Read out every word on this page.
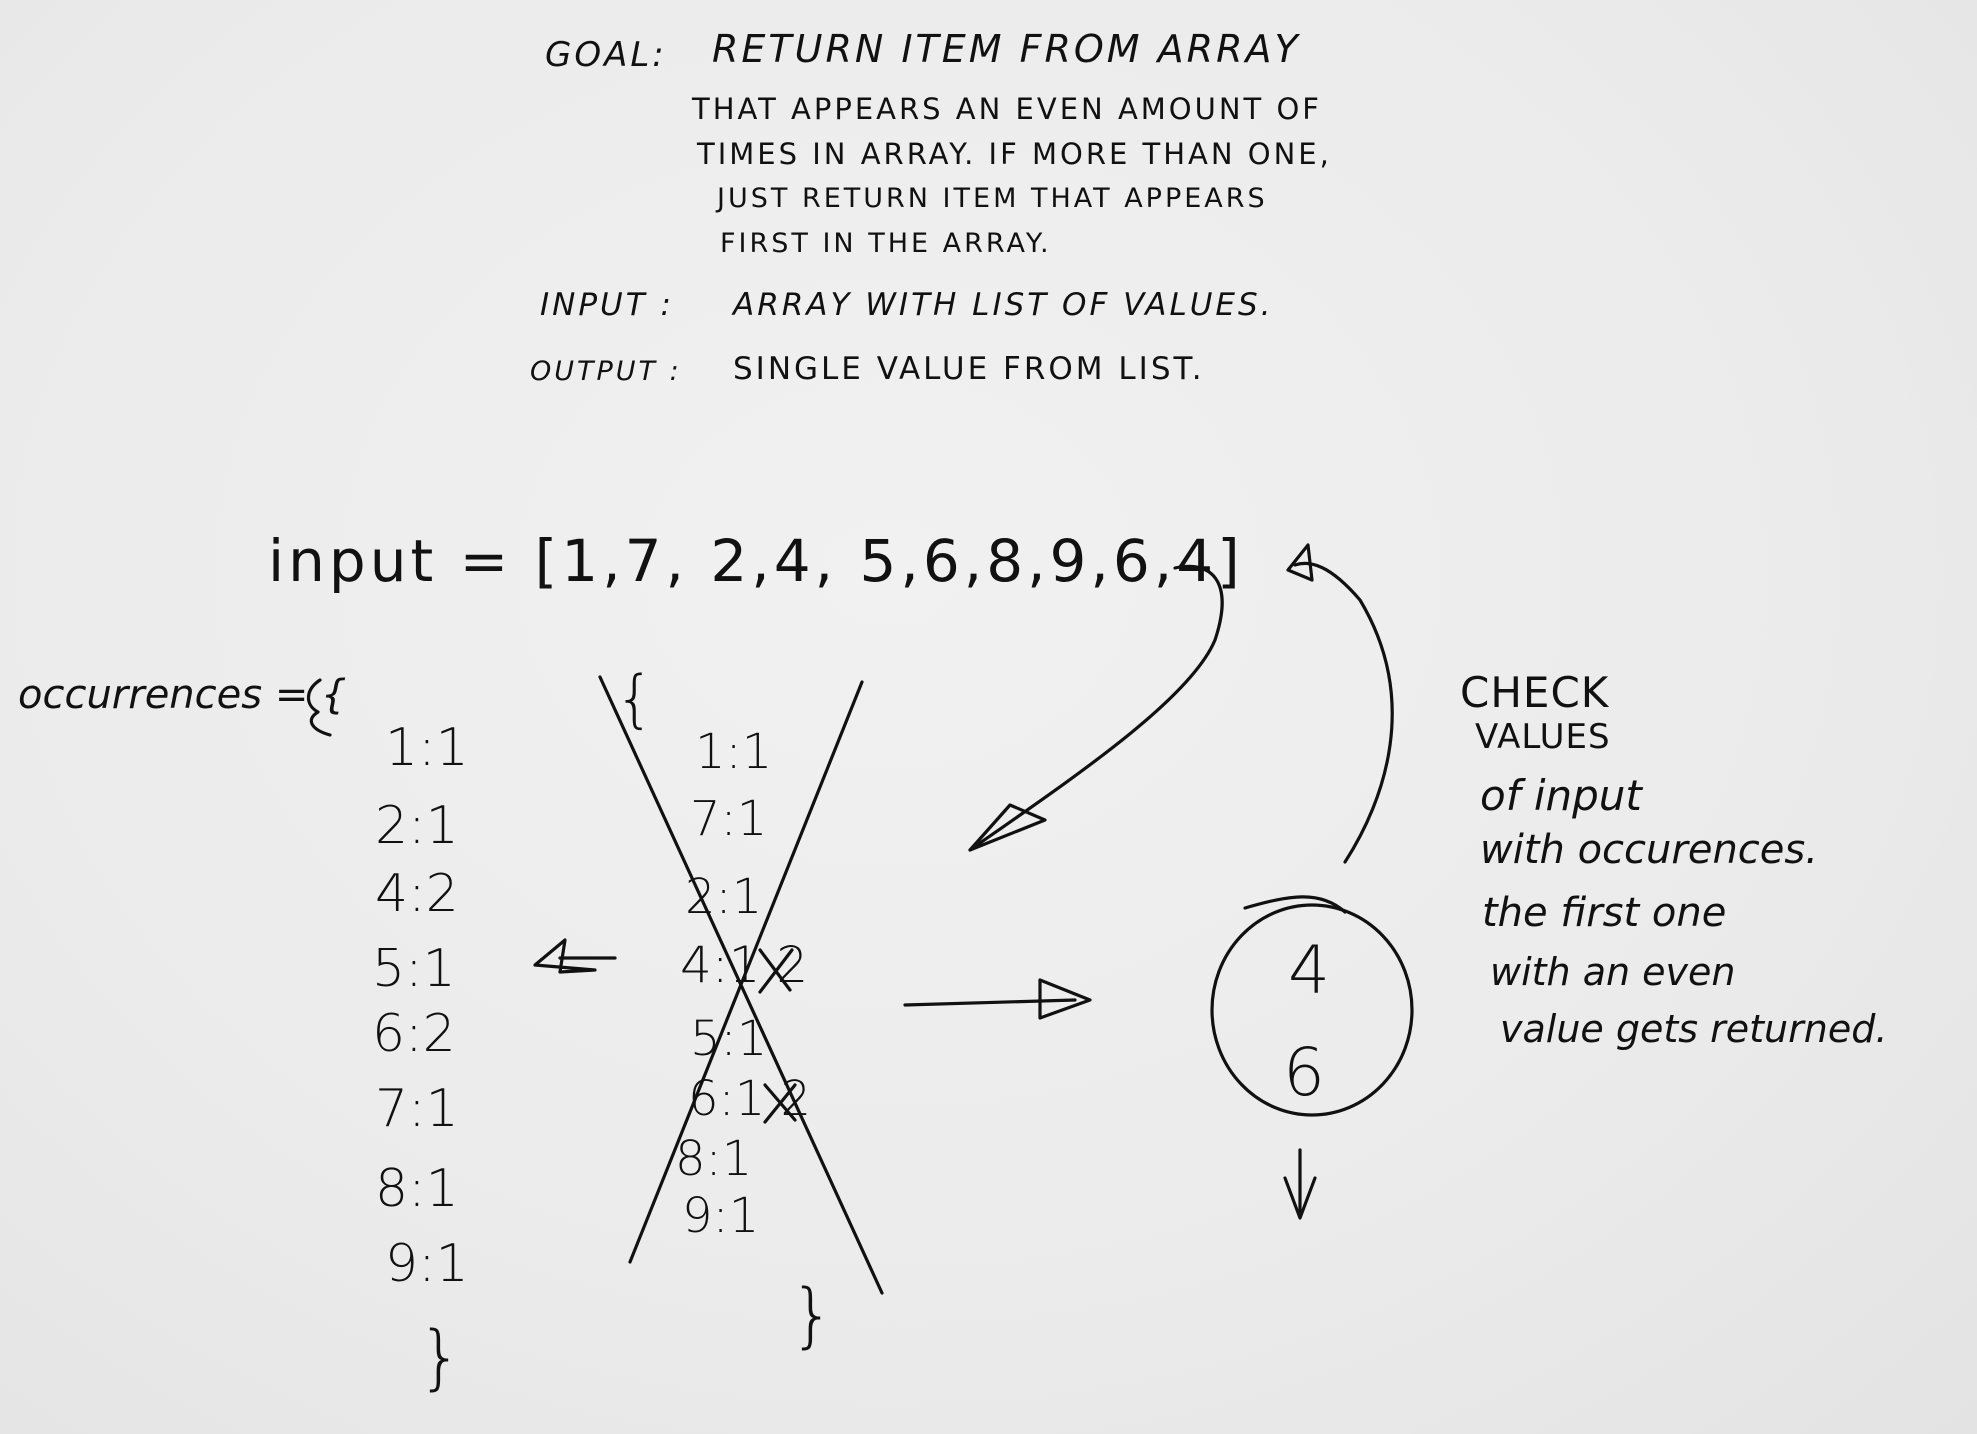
GOAL: RETURN ITEM FROM ARRAY
THAT APPEARS AN EVEN AMOUNT OF
TIMES IN ARRAY. IF MORE THAN ONE,
JUST RETURN ITEM THAT APPEARS
FIRST IN THE ARRAY.
INPUT : ARRAY WITH LIST OF VALUES.
OUTPUT : SINGLE VALUE FROM LIST.
input = [1,7, 2,4, 5,6,8,9,6,4]
occurrences = {
1:1
2:1
4:2
5:1
6:2
7:1
8:1
9:1
}
{
1:1
7:1
2:1
4:1 2
5:1
6:1 2
8:1
9:1
}
4
6
CHECK
VALUES
of input
with occurences.
the first one
with an even
value gets returned.
